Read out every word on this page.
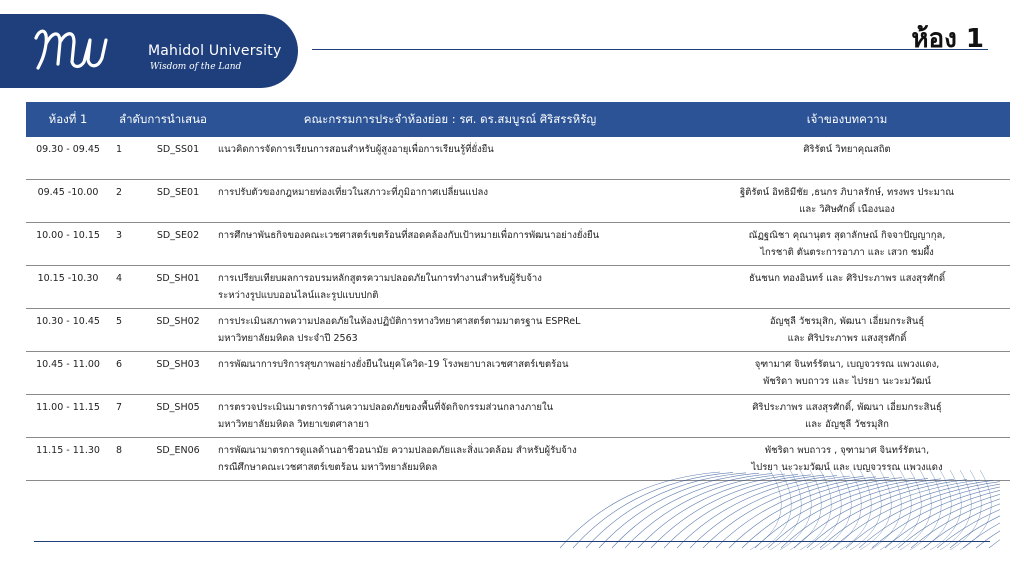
Mahidol University
Wisdom of the Land
ห้อง 1
ห้องที่ 1	ลำดับการนำเสนอ		คณะกรรมการประจำห้องย่อย : รศ. ดร.สมบูรณ์ ศิริสรรหิรัญ	เจ้าของบทความ
09.30 - 09.45	1	SD_SS01	แนวคิดการจัดการเรียนการสอนสำหรับผู้สูงอายุเพื่อการเรียนรู้ที่ยั่งยืน	ศิริรัตน์ วิทยาคุณสถิต

09.45 -10.00	2	SD_SE01	การปรับตัวของกฎหมายท่องเที่ยวในสภาวะที่ภูมิอากาศเปลี่ยนแปลง	ฐิติรัตน์ อิทธิมีชัย ,ธนกร ภิบาลรักษ์, ทรงพร ประมาณ
และ วิศิษศักดิ์ เนืองนอง

10.00 - 10.15	3	SD_SE02	การศึกษาพันธกิจของคณะเวชศาสตร์เขตร้อนที่สอดคล้องกับเป้าหมายเพื่อการพัฒนาอย่างยั่งยืน	ณัฏฐณิชา คุณานุตร สุดาลักษณ์ กิจจาปัญญากุล,
ไกรชาติ ตันตระการอาภา และ เสวก ชมผึ้ง

10.15 -10.30	4	SD_SH01	การเปรียบเทียบผลการอบรมหลักสูตรความปลอดภัยในการทำงานสำหรับผู้รับจ้าง
ระหว่างรูปแบบออนไลน์และรูปแบบปกติ	ธันชนก ทองอินทร์ และ ศิริประภาพร แสงสุรศักดิ์

10.30 - 10.45	5	SD_SH02	การประเมินสภาพความปลอดภัยในห้องปฏิบัติการทางวิทยาศาสตร์ตามมาตรฐาน ESPReL
มหาวิทยาลัยมหิดล ประจำปี 2563	อัญชุลี วัชรมุสิก, พัฒนา เอี่ยมกระสินธุ์
และ ศิริประภาพร แสงสุรศักดิ์

10.45 - 11.00	6	SD_SH03	การพัฒนาการบริการสุขภาพอย่างยั่งยืนในยุคโควิด-19 โรงพยาบาลเวชศาสตร์เขตร้อน	จุฑามาศ จินทร์รัตนา, เบญจวรรณ แพวงแดง,
พัชริดา พบถาวร และ ไปรยา นะวะมวัฒน์

11.00 - 11.15	7	SD_SH05	การตรวจประเมินมาตรการด้านความปลอดภัยของพื้นที่จัดกิจกรรมส่วนกลางภายใน
มหาวิทยาลัยมหิดล วิทยาเขตศาลายา	ศิริประภาพร แสงสุรศักดิ์, พัฒนา เอี่ยมกระสินธุ์
และ อัญชุลี วัชรมุสิก

11.15 - 11.30	8	SD_EN06	การพัฒนามาตรการดูแลด้านอาชีวอนามัย ความปลอดภัยและสิ่งแวดล้อม สำหรับผู้รับจ้าง
กรณีศึกษาคณะเวชศาสตร์เขตร้อน มหาวิทยาลัยมหิดล	พัชริดา พบถาวร , จุฑามาศ จินทร์รัตนา,
ไปรยา นะวะมวัฒน์ และ เบญจวรรณ แพวงแดง
